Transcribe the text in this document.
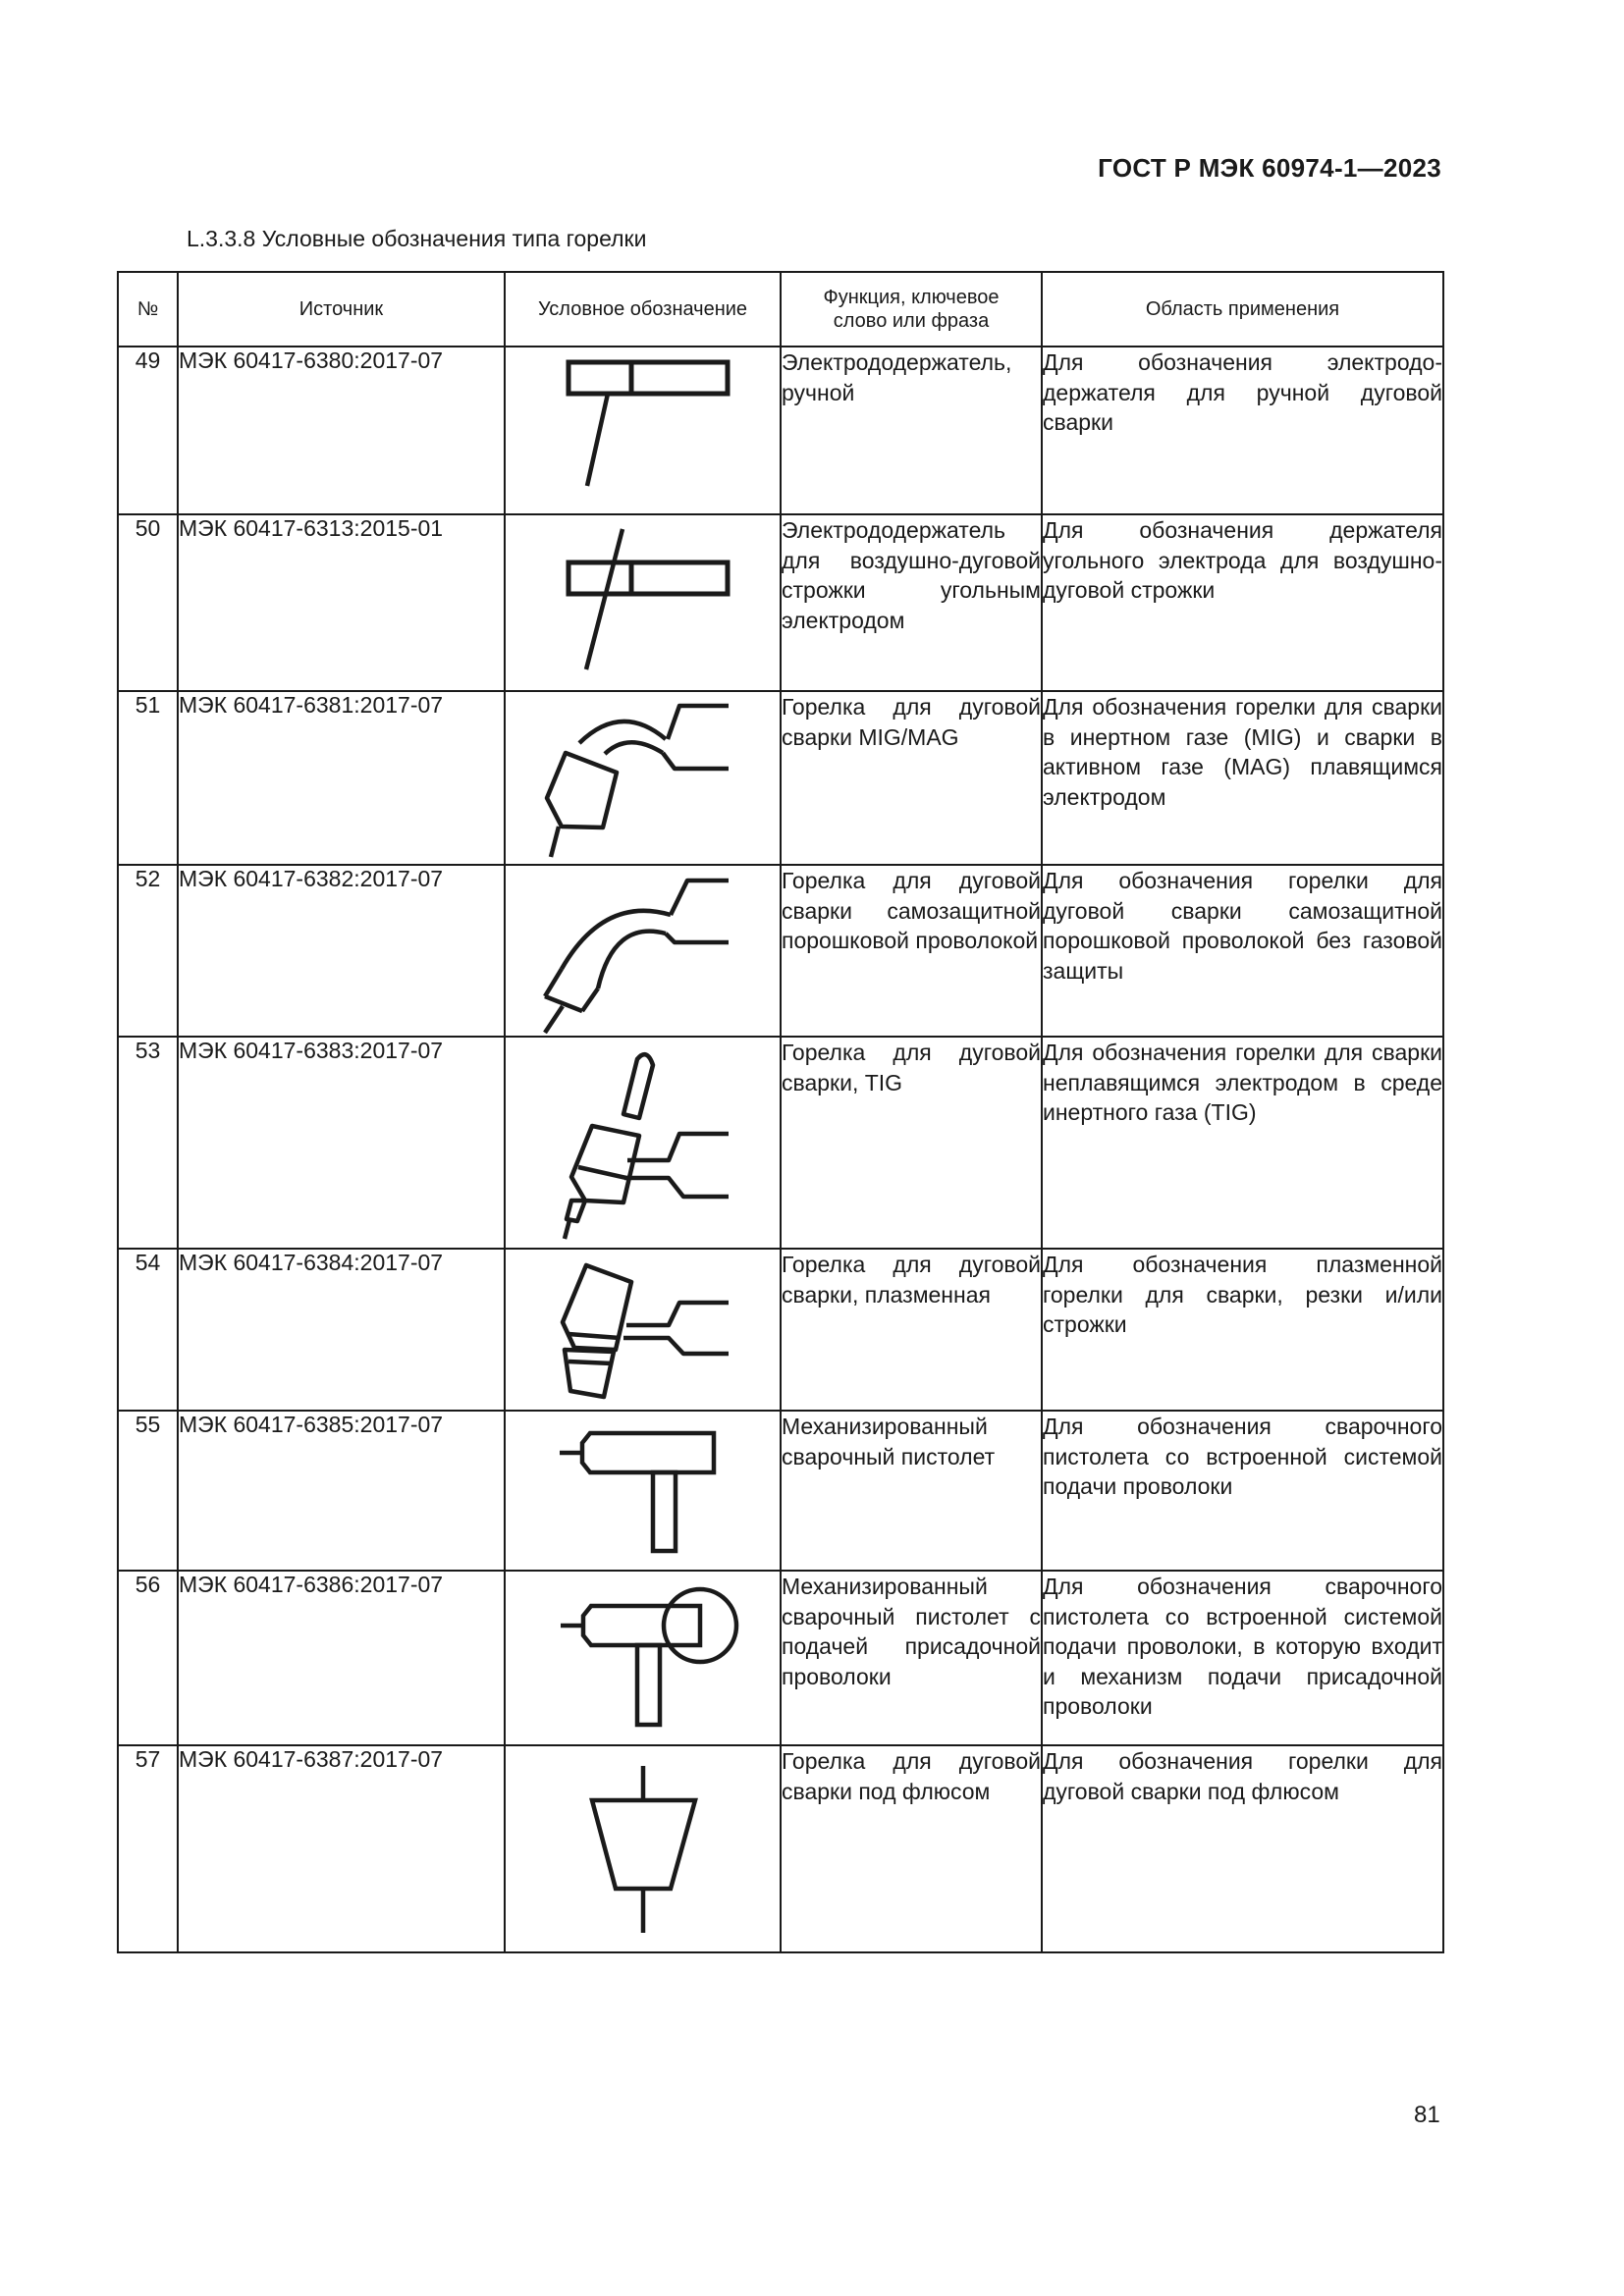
ГОСТ Р МЭК 60974-1—2023
L.3.3.8 Условные обозначения типа горелки
№	Источник	Условное обозначение	Функция, ключевое слово или фраза	Область применения
49	МЭК 60417-6380:2017-07		Электрододержатель, ручной	Для обозначения электрододержателя для ручной дуговой сварки
50	МЭК 60417-6313:2015-01		Электрододержатель для воздушно-дуговой строжки угольным электродом	Для обозначения держателя угольного электрода для воздушно-дуговой строжки
51	МЭК 60417-6381:2017-07		Горелка для дуговой сварки MIG/MAG	Для обозначения горелки для сварки в инертном газе (MIG) и сварки в активном газе (MAG) плавящимся электродом
52	МЭК 60417-6382:2017-07		Горелка для дуговой сварки самозащитной порошковой проволокой	Для обозначения горелки для дуговой сварки самозащитной порошковой проволокой без газовой защиты
53	МЭК 60417-6383:2017-07		Горелка для дуговой сварки, TIG	Для обозначения горелки для сварки неплавящимся электродом в среде инертного газа (TIG)
54	МЭК 60417-6384:2017-07		Горелка для дуговой сварки, плазменная	Для обозначения плазменной горелки для сварки, резки и/или строжки
55	МЭК 60417-6385:2017-07		Механизированный сварочный пистолет	Для обозначения сварочного пистолета со встроенной системой подачи проволоки
56	МЭК 60417-6386:2017-07		Механизированный сварочный пистолет с подачей присадочной проволоки	Для обозначения сварочного пистолета со встроенной системой подачи проволоки, в которую входит и механизм подачи присадочной проволоки
57	МЭК 60417-6387:2017-07		Горелка для дуговой сварки под флюсом	Для обозначения горелки для дуговой сварки под флюсом
81
